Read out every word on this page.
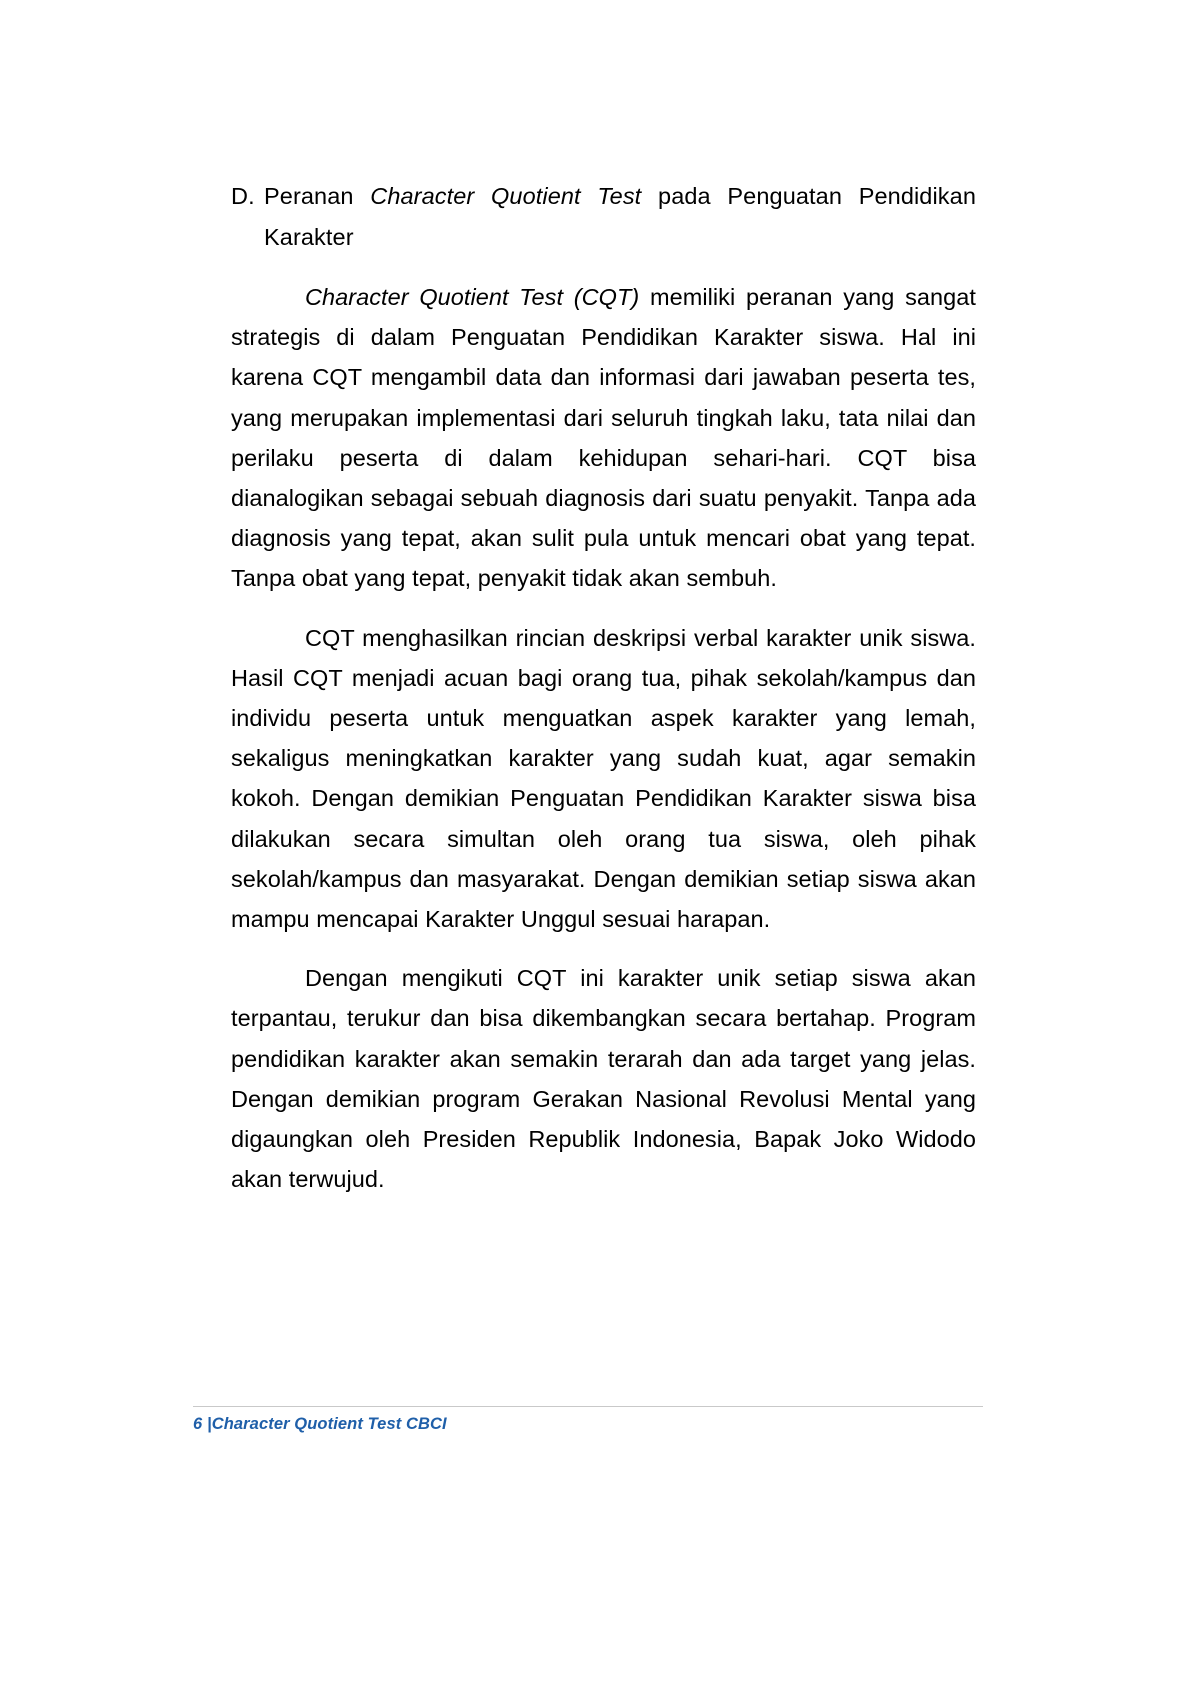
D. Peranan Character Quotient Test pada Penguatan Pendidikan
Karakter

Character Quotient Test (CQT) memiliki peranan yang sangat
strategis di dalam Penguatan Pendidikan Karakter siswa. Hal ini
karena CQT mengambil data dan informasi dari jawaban peserta tes,
yang merupakan implementasi dari seluruh tingkah laku, tata nilai dan
perilaku peserta di dalam kehidupan sehari-hari. CQT bisa
dianalogikan sebagai sebuah diagnosis dari suatu penyakit. Tanpa ada
diagnosis yang tepat, akan sulit pula untuk mencari obat yang tepat.
Tanpa obat yang tepat, penyakit tidak akan sembuh.

CQT menghasilkan rincian deskripsi verbal karakter unik siswa.
Hasil CQT menjadi acuan bagi orang tua, pihak sekolah/kampus dan
individu peserta untuk menguatkan aspek karakter yang lemah,
sekaligus meningkatkan karakter yang sudah kuat, agar semakin
kokoh. Dengan demikian Penguatan Pendidikan Karakter siswa bisa
dilakukan secara simultan oleh orang tua siswa, oleh pihak
sekolah/kampus dan masyarakat. Dengan demikian setiap siswa akan
mampu mencapai Karakter Unggul sesuai harapan.

Dengan mengikuti CQT ini karakter unik setiap siswa akan
terpantau, terukur dan bisa dikembangkan secara bertahap. Program
pendidikan karakter akan semakin terarah dan ada target yang jelas.
Dengan demikian program Gerakan Nasional Revolusi Mental yang
digaungkan oleh Presiden Republik Indonesia, Bapak Joko Widodo
akan terwujud.

6 |Character Quotient Test CBCI
